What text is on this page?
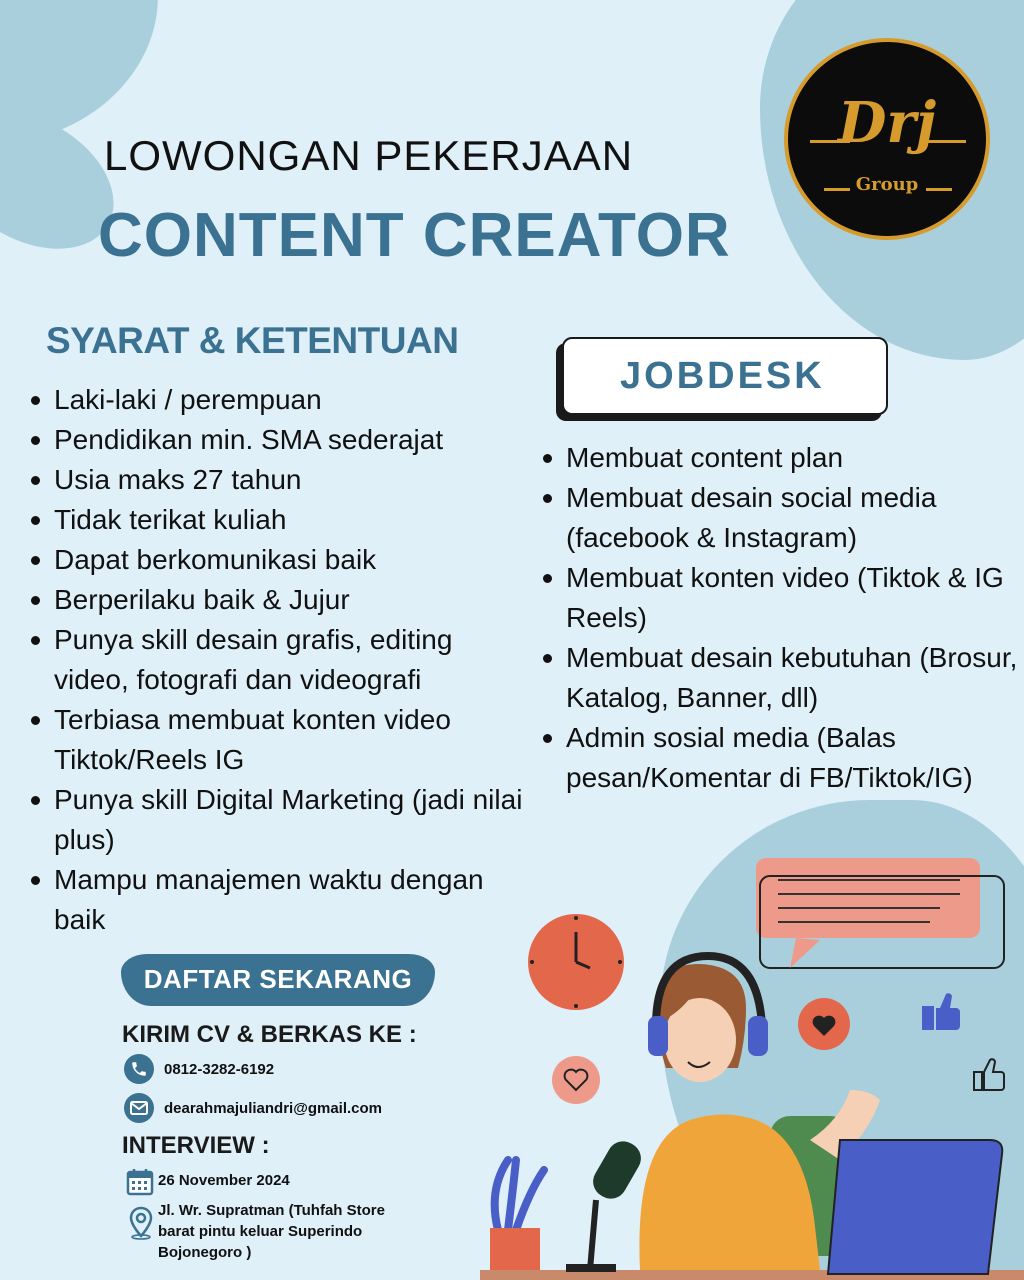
LOWONGAN PEKERJAAN
CONTENT CREATOR
Drj
Group
SYARAT & KETENTUAN
Laki-laki / perempuan
Pendidikan min. SMA sederajat
Usia maks 27 tahun
Tidak terikat kuliah
Dapat berkomunikasi baik
Berperilaku baik & Jujur
Punya skill desain grafis, editing video, fotografi dan videografi
Terbiasa membuat konten video Tiktok/Reels IG
Punya skill Digital Marketing (jadi nilai plus)
Mampu manajemen waktu dengan baik
JOBDESK
Membuat content plan
Membuat desain social media (facebook & Instagram)
Membuat konten video (Tiktok & IG Reels)
Membuat desain kebutuhan (Brosur, Katalog, Banner, dll)
Admin sosial media (Balas pesan/Komentar di FB/Tiktok/IG)
DAFTAR SEKARANG
KIRIM CV & BERKAS KE :
0812-3282-6192
dearahmajuliandri@gmail.com
INTERVIEW :
26 November 2024
Jl. Wr. Supratman (Tuhfah Store
barat pintu keluar Superindo
Bojonegoro )
